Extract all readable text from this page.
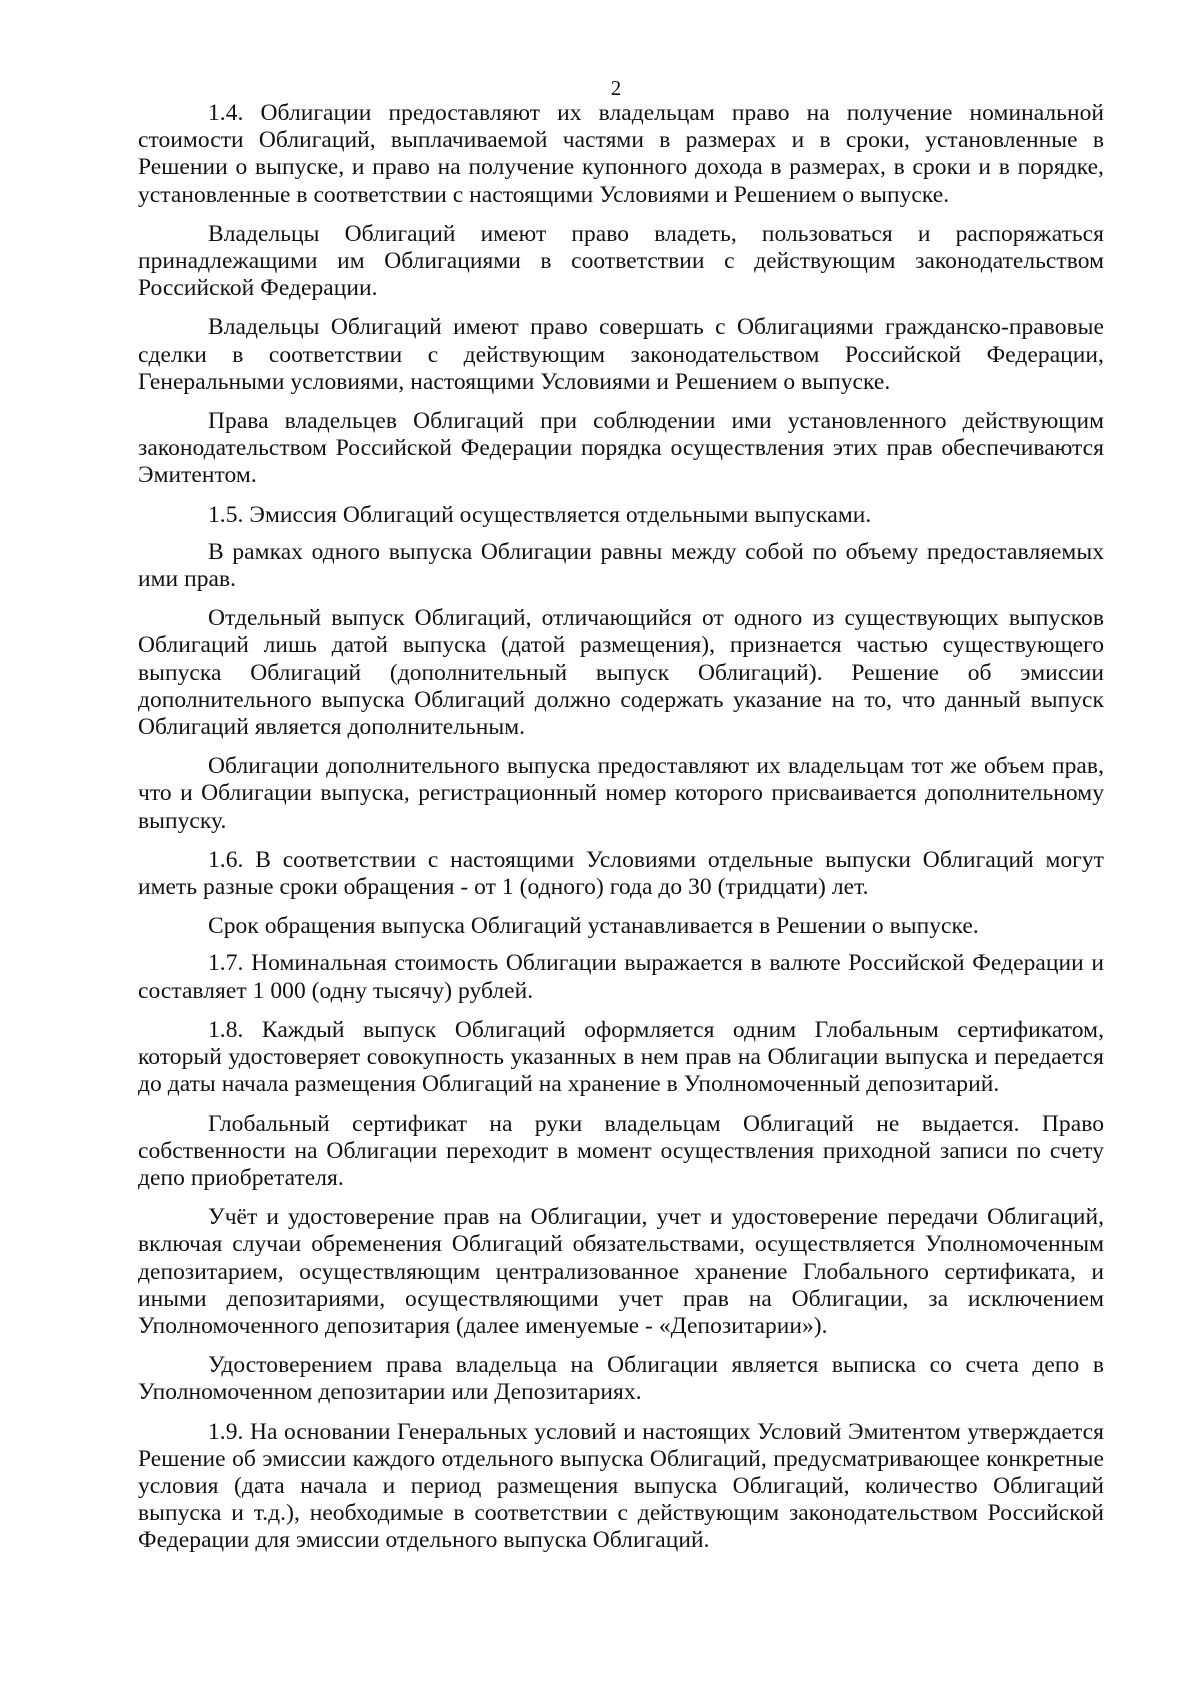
2

1.4. Облигации предоставляют их владельцам право на получение номинальной стоимости Облигаций, выплачиваемой частями в размерах и в сроки, установленные в Решении о выпуске, и право на получение купонного дохода в размерах, в сроки и в порядке, установленные в соответствии с настоящими Условиями и Решением о выпуске.

Владельцы Облигаций имеют право владеть, пользоваться и распоряжаться принадлежащими им Облигациями в соответствии с действующим законодательством Российской Федерации.

Владельцы Облигаций имеют право совершать с Облигациями гражданско-правовые сделки в соответствии с действующим законодательством Российской Федерации, Генеральными условиями, настоящими Условиями и Решением о выпуске.

Права владельцев Облигаций при соблюдении ими установленного действующим законодательством Российской Федерации порядка осуществления этих прав обеспечиваются Эмитентом.

1.5. Эмиссия Облигаций осуществляется отдельными выпусками.

В рамках одного выпуска Облигации равны между собой по объему предоставляемых ими прав.

Отдельный выпуск Облигаций, отличающийся от одного из существующих выпусков Облигаций лишь датой выпуска (датой размещения), признается частью существующего выпуска Облигаций (дополнительный выпуск Облигаций). Решение об эмиссии дополнительного выпуска Облигаций должно содержать указание на то, что данный выпуск Облигаций является дополнительным.

Облигации дополнительного выпуска предоставляют их владельцам тот же объем прав, что и Облигации выпуска, регистрационный номер которого присваивается дополнительному выпуску.

1.6. В соответствии с настоящими Условиями отдельные выпуски Облигаций могут иметь разные сроки обращения - от 1 (одного) года до 30 (тридцати) лет.

Срок обращения выпуска Облигаций устанавливается в Решении о выпуске.

1.7. Номинальная стоимость Облигации выражается в валюте Российской Федерации и составляет 1 000 (одну тысячу) рублей.

1.8. Каждый выпуск Облигаций оформляется одним Глобальным сертификатом, который удостоверяет совокупность указанных в нем прав на Облигации выпуска и передается до даты начала размещения Облигаций на хранение в Уполномоченный депозитарий.

Глобальный сертификат на руки владельцам Облигаций не выдается. Право собственности на Облигации переходит в момент осуществления приходной записи по счету депо приобретателя.

Учёт и удостоверение прав на Облигации, учет и удостоверение передачи Облигаций, включая случаи обременения Облигаций обязательствами, осуществляется Уполномоченным депозитарием, осуществляющим централизованное хранение Глобального сертификата, и иными депозитариями, осуществляющими учет прав на Облигации, за исключением Уполномоченного депозитария (далее именуемые - «Депозитарии»).

Удостоверением права владельца на Облигации является выписка со счета депо в Уполномоченном депозитарии или Депозитариях.

1.9. На основании Генеральных условий и настоящих Условий Эмитентом утверждается Решение об эмиссии каждого отдельного выпуска Облигаций, предусматривающее конкретные условия (дата начала и период размещения выпуска Облигаций, количество Облигаций выпуска и т.д.), необходимые в соответствии с действующим законодательством Российской Федерации для эмиссии отдельного выпуска Облигаций.
